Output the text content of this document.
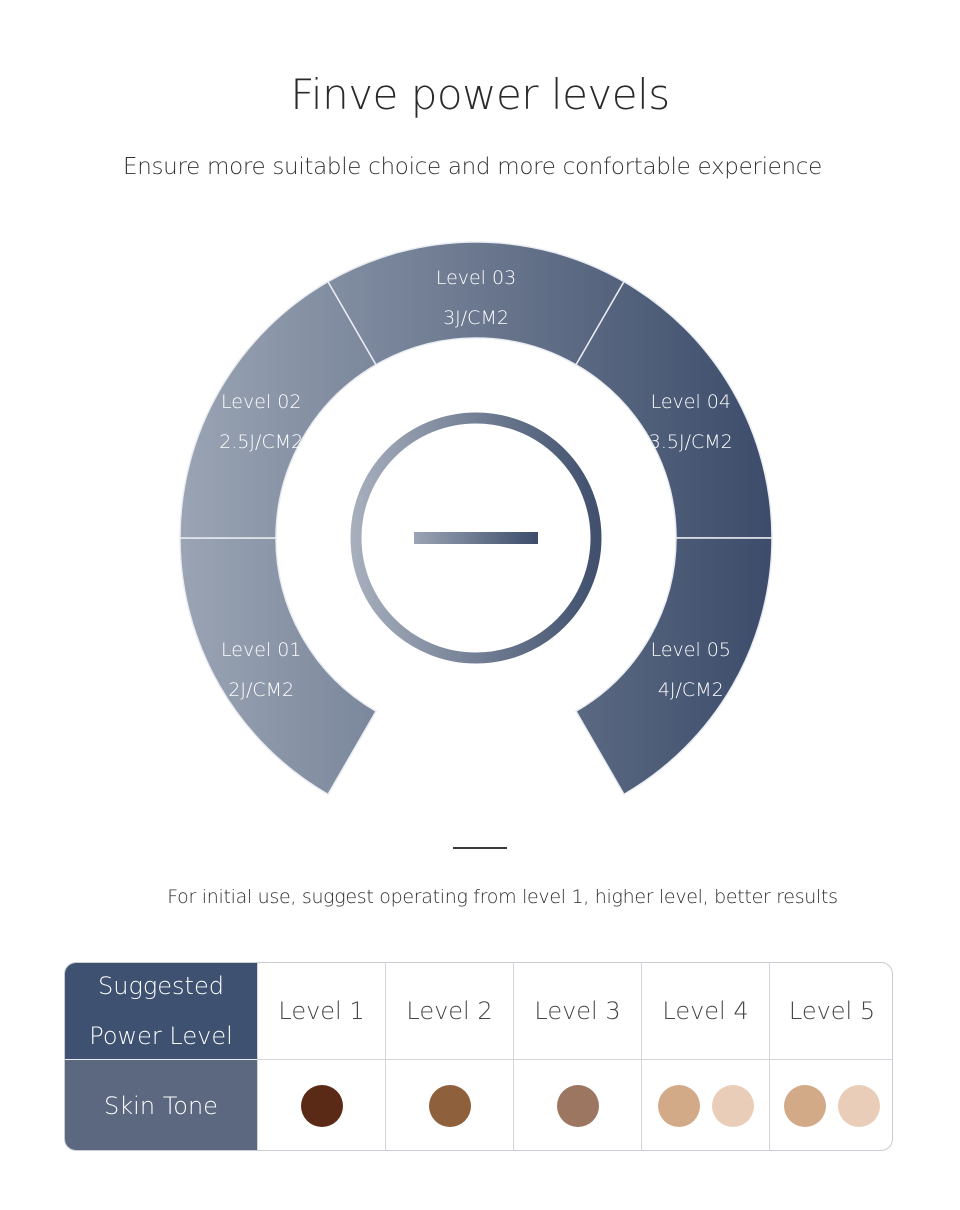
Finve power levels
Ensure more suitable choice and more confortable experience
Level 01
2J/CM2
Level 02
2.5J/CM2
Level 03
3J/CM2
Level 04
3.5J/CM2
Level 05
4J/CM2
For initial use, suggest operating from level 1, higher level, better results
Suggested
Power Level
Level 1	Level 2	Level 3	Level 4	Level 5
Skin Tone
